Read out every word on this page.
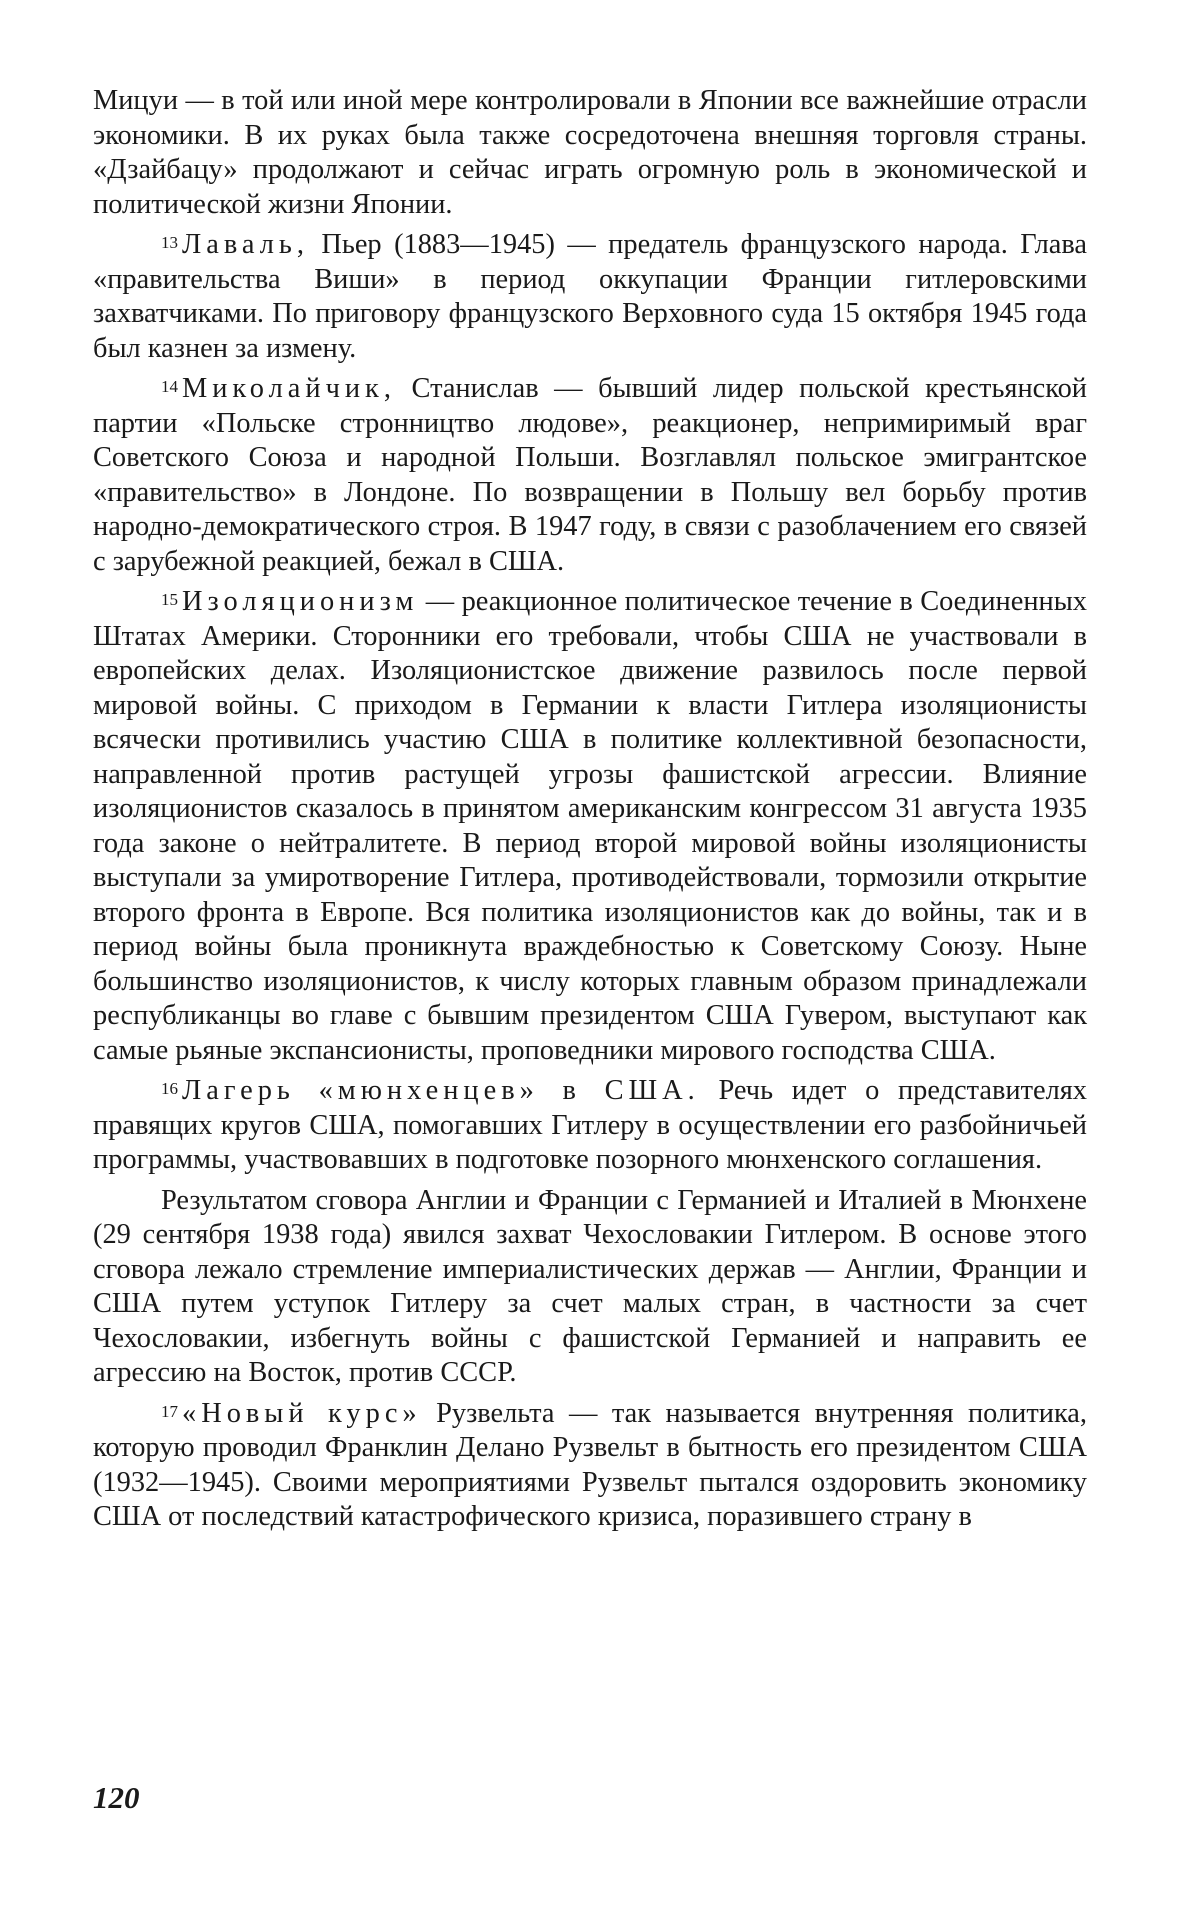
Мицуи — в той или иной мере контролировали в Японии все важнейшие отрасли экономики. В их руках была также сосредоточена внешняя торговля страны. «Дзайбацу» продолжают и сейчас играть огромную роль в экономической и политической жизни Японии.

$^{13}$ Лаваль, Пьер (1883—1945) — предатель французского народа. Глава «правительства Виши» в период оккупации Франции гитлеровскими захватчиками. По приговору французского Верховного суда 15 октября 1945 года был казнен за измену.

$^{14}$ Миколайчик, Станислав — бывший лидер польской крестьянской партии «Польске стронництво людове», реакционер, непримиримый враг Советского Союза и народной Польши. Возглавлял польское эмигрантское «правительство» в Лондоне. По возвращении в Польшу вел борьбу против народно-демократического строя. В 1947 году, в связи с разоблачением его связей с зарубежной реакцией, бежал в США.

$^{15}$ Изоляционизм — реакционное политическое течение в Соединенных Штатах Америки. Сторонники его требовали, чтобы США не участвовали в европейских делах. Изоляционистское движение развилось после первой мировой войны. С приходом в Германии к власти Гитлера изоляционисты всячески противились участию США в политике коллективной безопасности, направленной против растущей угрозы фашистской агрессии. Влияние изоляционистов сказалось в принятом американским конгрессом 31 августа 1935 года законе о нейтралитете. В период второй мировой войны изоляционисты выступали за умиротворение Гитлера, противодействовали, тормозили открытие второго фронта в Европе. Вся политика изоляционистов как до войны, так и в период войны была проникнута враждебностью к Советскому Союзу. Ныне большинство изоляционистов, к числу которых главным образом принадлежали республиканцы во главе с бывшим президентом США Гувером, выступают как самые рьяные экспансионисты, проповедники мирового господства США.

$^{16}$ Лагерь «мюнхенцев» в США. Речь идет о представителях правящих кругов США, помогавших Гитлеру в осуществлении его разбойничьей программы, участвовавших в подготовке позорного мюнхенского соглашения.

Результатом сговора Англии и Франции с Германией и Италией в Мюнхене (29 сентября 1938 года) явился захват Чехословакии Гитлером. В основе этого сговора лежало стремление империалистических держав — Англии, Франции и США путем уступок Гитлеру за счет малых стран, в частности за счет Чехословакии, избегнуть войны с фашистской Германией и направить ее агрессию на Восток, против СССР.

$^{17}$ «Новый курс» Рузвельта — так называется внутренняя политика, которую проводил Франклин Делано Рузвельт в бытность его президентом США (1932—1945). Своими мероприятиями Рузвельт пытался оздоровить экономику США от последствий катастрофического кризиса, поразившего страну в

120
